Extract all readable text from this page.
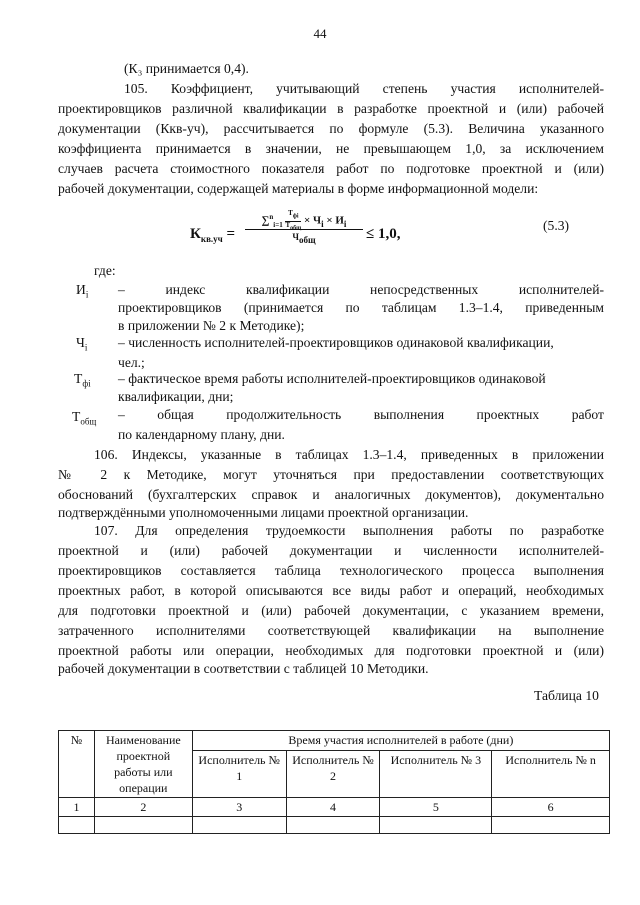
44
(К₃ принимается 0,4).
105. Коэффициент, учитывающий степень участия исполнителей-
проектировщиков различной квалификации в разработке проектной и (или) рабочей
документации (Ккв-уч), рассчитывается по формуле (5.3). Величина указанного
коэффициента принимается в значении, не превышающем 1,0, за исключением
случаев расчета стоимостного показателя работ по подготовке проектной и (или)
рабочей документации, содержащей материалы в форме информационной модели:
$К_{кв.уч}$ =
∑$^n_{i=1}$ $Т_{фi}$
$Т_{общ} \times Ч_i \times И_i$
$Ч_{общ}$	≤ 1,0,
(5.3)
где:
$И_i$ – индекс квалификации непосредственных исполнителей-
проектировщиков (принимается по таблицам 1.3–1.4, приведенным
в приложении № 2 к Методике);
$Ч_i$ – численность исполнителей-проектировщиков одинаковой квалификации,
чел.;
$Т_{фi}$ – фактическое время работы исполнителей-проектировщиков одинаковой
квалификации, дни;
$Т_{общ}$ – общая продолжительность выполнения проектных работ
по календарному плану, дни.
106. Индексы, указанные в таблицах 1.3–1.4, приведенных в приложении
№ 2 к Методике, могут уточняться при предоставлении соответствующих
обоснований (бухгалтерских справок и аналогичных документов), документально
подтверждёнными уполномоченными лицами проектной организации.
107. Для определения трудоемкости выполнения работы по разработке
проектной и (или) рабочей документации и численности исполнителей-
проектировщиков составляется таблица технологического процесса выполнения
проектных работ, в которой описываются все виды работ и операций, необходимых
для подготовки проектной и (или) рабочей документации, с указанием времени,
затраченного исполнителями соответствующей квалификации на выполнение
проектной работы или операции, необходимых для подготовки проектной и (или)
рабочей документации в соответствии с таблицей 10 Методики.
Таблица 10
№	Наименование проектной работы или операции	Время участия исполнителей в работе (дни)			
		Исполнитель № 1	Исполнитель № 2	Исполнитель № 3	Исполнитель № n
1	2	3	4	5	6
